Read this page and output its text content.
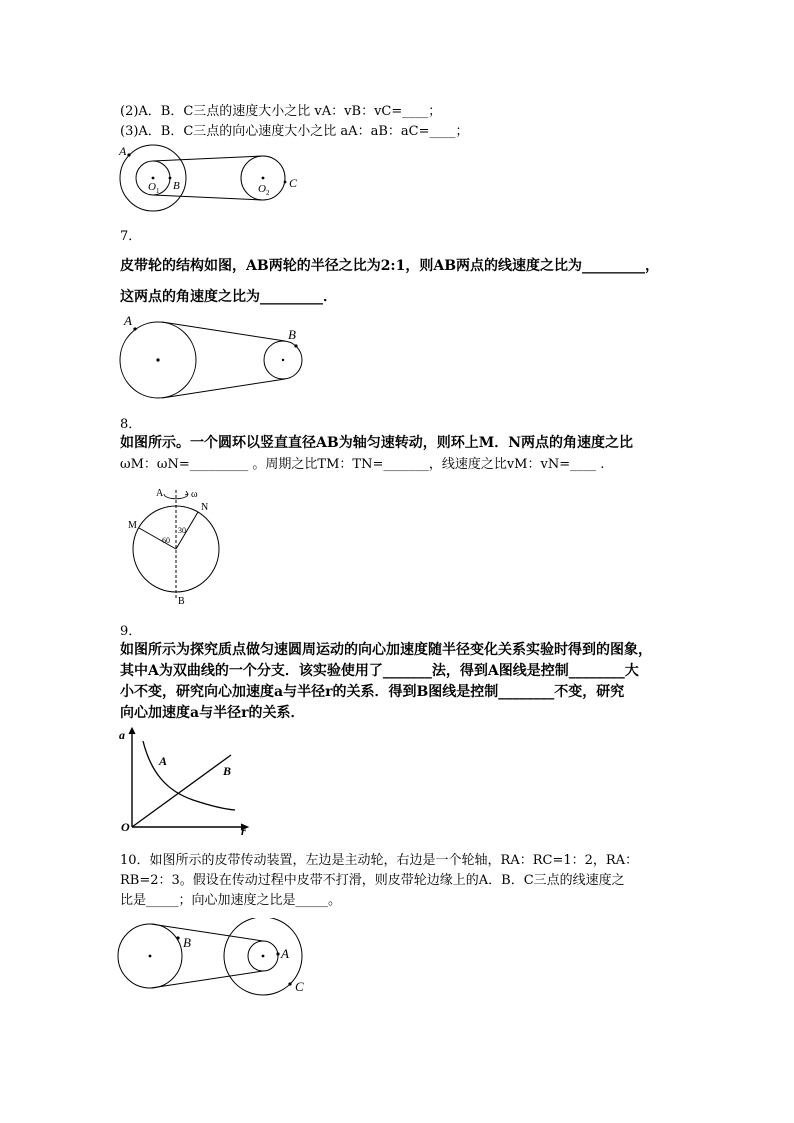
(2)A．B．C三点的速度大小之比 vA：vB：vC=____；
(3)A．B．C三点的向心速度大小之比 aA：aB：aC=____；
A
O 1 B	O 2
C
7．
皮带轮的结构如图，AB两轮的半径之比为2:1，则AB两点的线速度之比为_________，
这两点的角速度之比为_________．
A
B
8．
如图所示。一个圆环以竖直直径AB为轴匀速转动，则环上M．N两点的角速度之比
ωM：ωN=_________ 。周期之比TM：TN=_______，线速度之比vM：vN=____ .
A	ω
N
M	30
60
B
9．
如图所示为探究质点做匀速圆周运动的向心加速度随半径变化关系实验时得到的图象，
其中A为双曲线的一个分支．该实验使用了_______法，得到A图线是控制________大
小不变，研究向心加速度a与半径r的关系．得到B图线是控制________不变，研究
向心加速度a与半径r的关系．
a
r
O
A
B
10．如图所示的皮带传动装置，左边是主动轮，右边是一个轮轴，RA：RC=1：2，RA：
RB=2：3。假设在传动过程中皮带不打滑，则皮带轮边缘上的A．B．C三点的线速度之
比是_____；向心加速度之比是_____。
B
A
C
